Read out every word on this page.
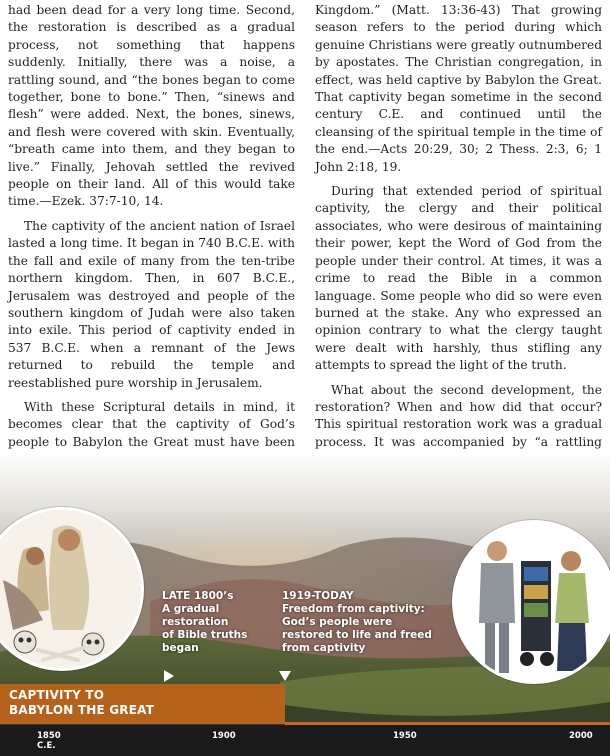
had been dead for a very long time. Second, the restoration is described as a gradual process, not something that happens suddenly. Initially, there was a noise, a rattling sound, and “the bones began to come together, bone to bone.” Then, “sinews and flesh” were added. Next, the bones, sinews, and flesh were covered with skin. Eventually, “breath came into them, and they began to live.” Finally, Jehovah settled the revived people on their land. All of this would take time.—Ezek. 37:7-10, 14.

The captivity of the ancient nation of Israel lasted a long time. It began in 740 B.C.E. with the fall and exile of many from the ten-tribe northern kingdom. Then, in 607 B.C.E., Jerusalem was destroyed and people of the southern kingdom of Judah were also taken into exile. This period of captivity ended in 537 B.C.E. when a remnant of the Jews returned to rebuild the temple and reestablished pure worship in Jerusalem.

With these Scriptural details in mind, it becomes clear that the captivity of God’s people to Babylon the Great must have been

Kingdom.” (Matt. 13:36-43) That growing season refers to the period during which genuine Christians were greatly outnumbered by apostates. The Christian congregation, in effect, was held captive by Babylon the Great. That captivity began sometime in the second century C.E. and continued until the cleansing of the spiritual temple in the time of the end.—Acts 20:29, 30; 2 Thess. 2:3, 6; 1 John 2:18, 19.

During that extended period of spiritual captivity, the clergy and their political associates, who were desirous of maintaining their power, kept the Word of God from the people under their control. At times, it was a crime to read the Bible in a common language. Some people who did so were even burned at the stake. Any who expressed an opinion contrary to what the clergy taught were dealt with harshly, thus stifling any attempts to spread the light of the truth.

What about the second development, the restoration? When and how did that occur? This spiritual restoration work was a gradual process. It was accompanied by “a rattling

LATE 1800’s
A gradual
restoration
of Bible truths
began
1919-TODAY
Freedom from captivity:
God’s people were
restored to life and freed
from captivity
CAPTIVITY TO
BABYLON THE GREAT
1850
C.E.
1900	1950	2000
